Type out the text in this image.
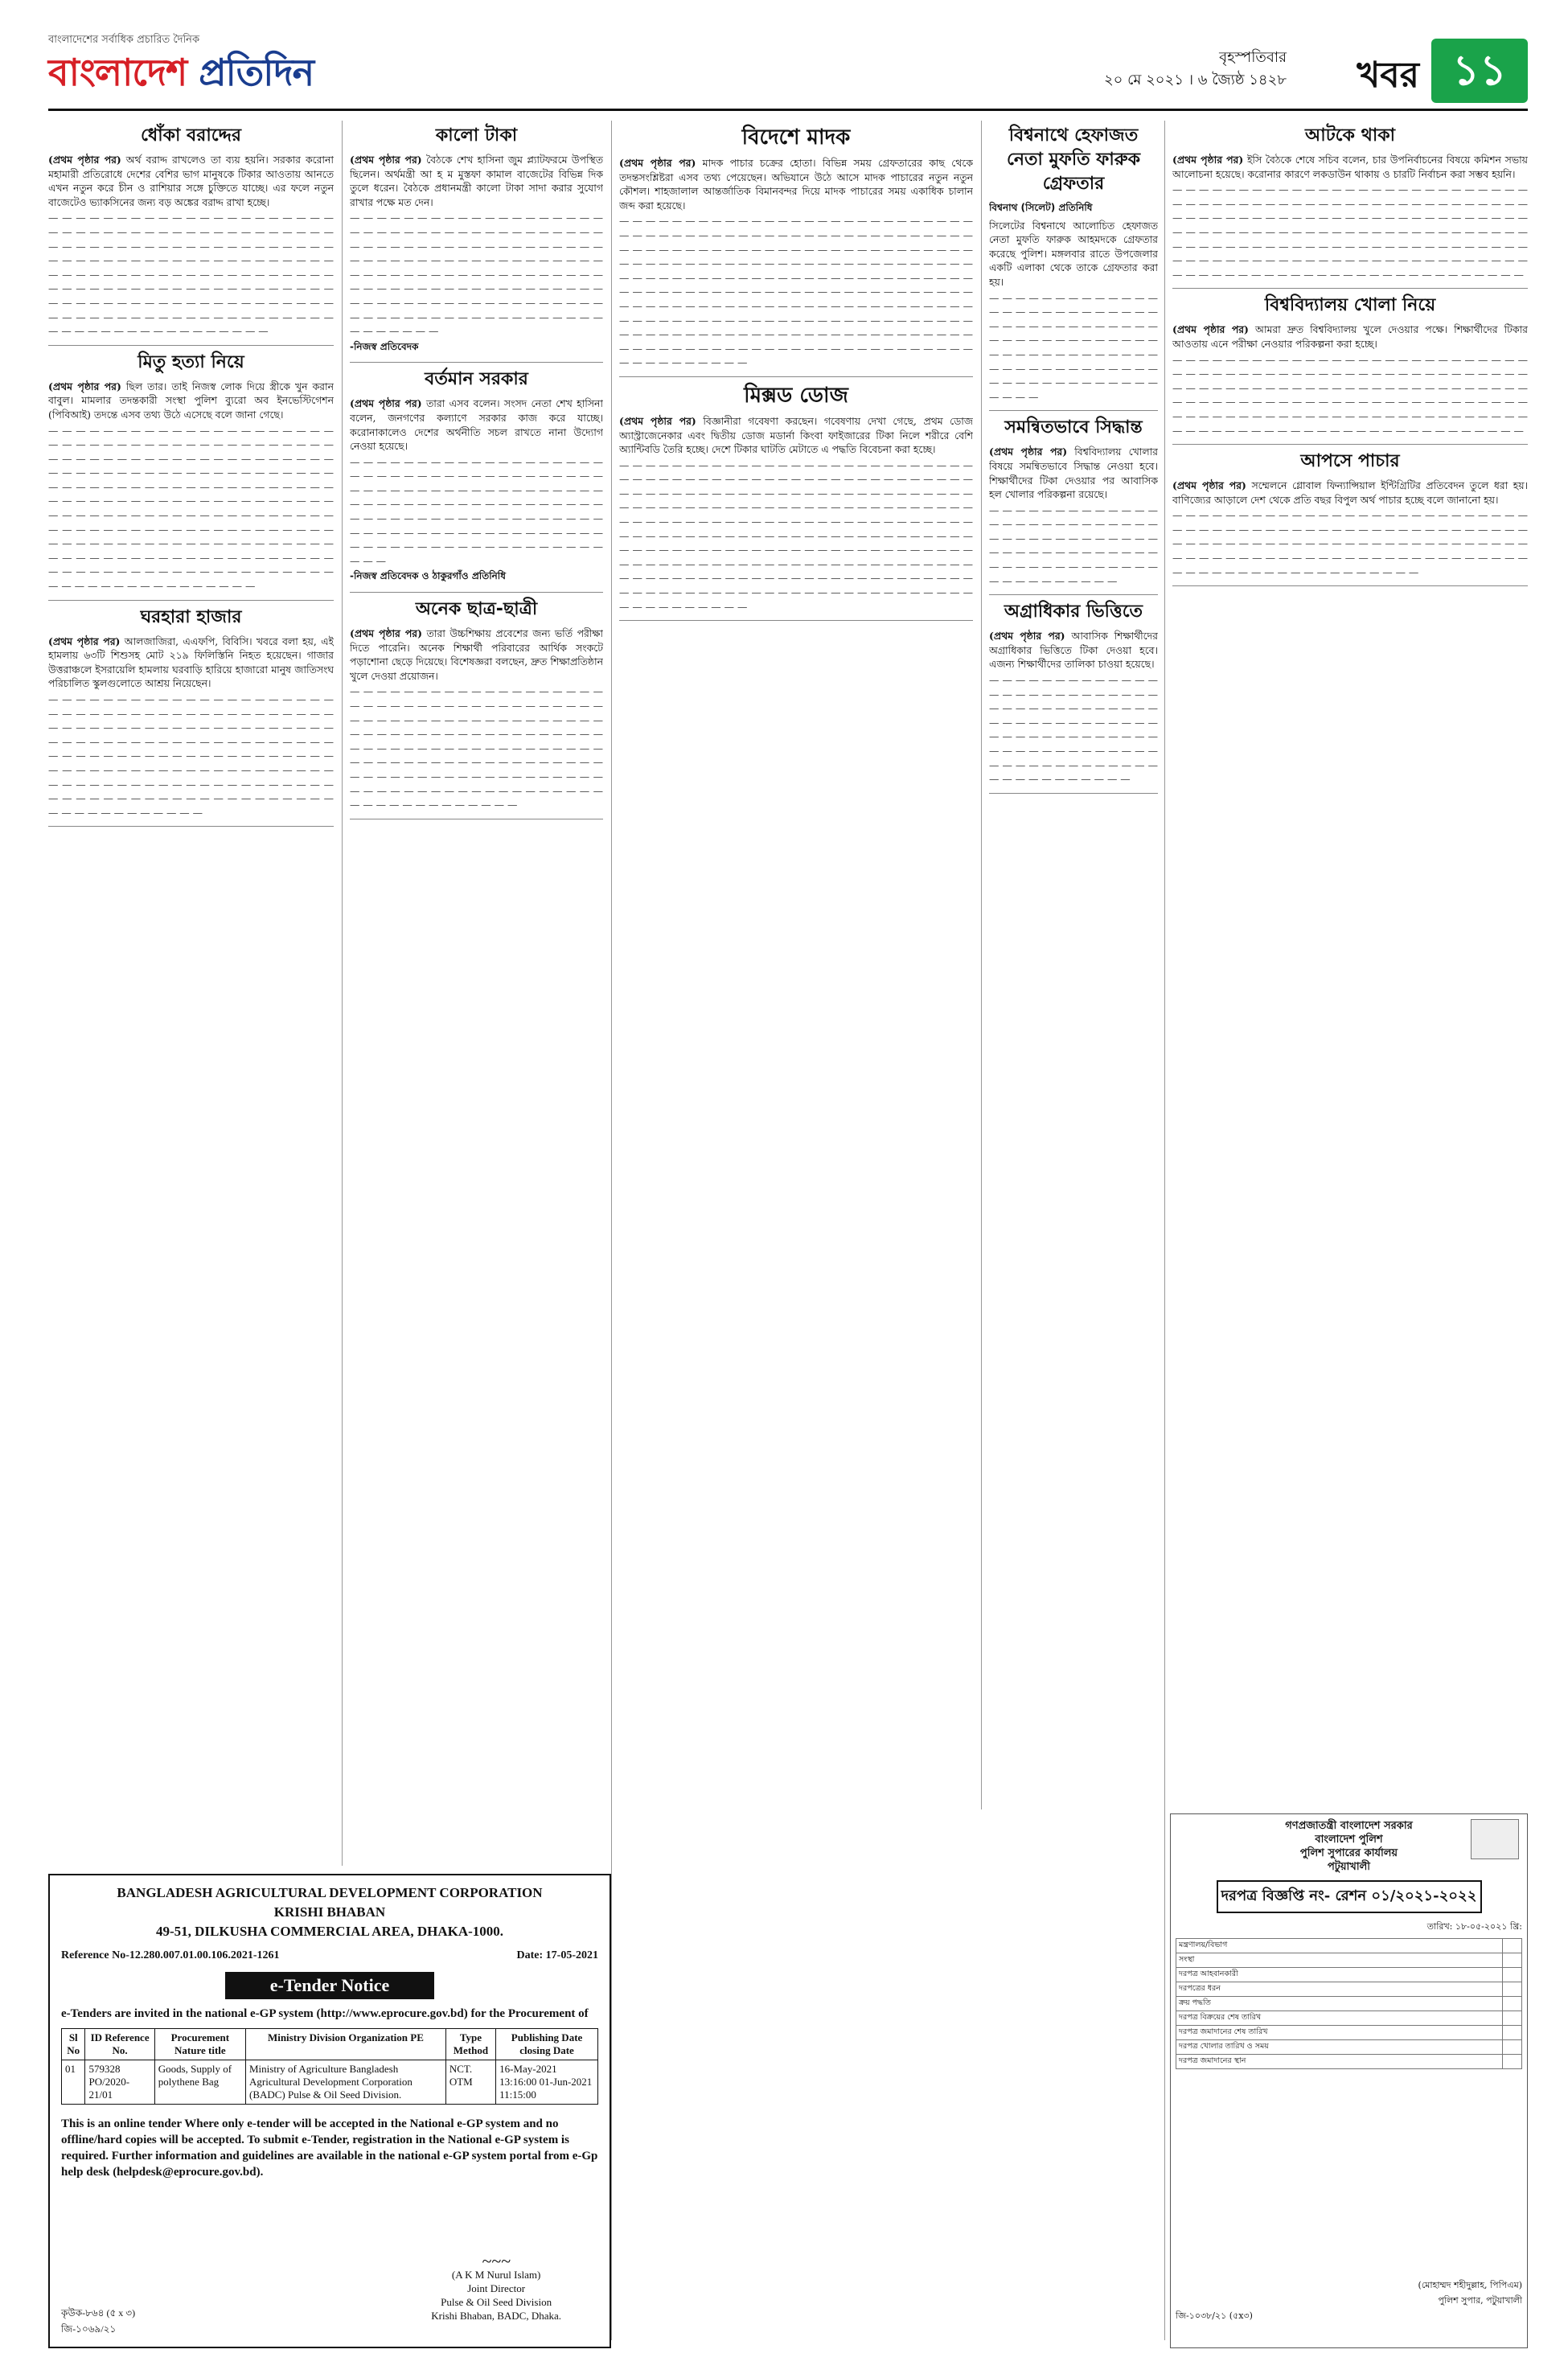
বাংলাদেশের সর্বাধিক প্রচারিত দৈনিক
বাংলাদেশ প্রতিদিন	বৃহস্পতিবার
২০ মে ২০২১ । ৬ জ্যৈষ্ঠ ১৪২৮ খবর ১১
ধোঁকা বরাদ্দের

(প্রথম পৃষ্ঠার পর) অর্থ বরাদ্দ রাখলেও তা ব্যয় হয়নি। সরকার করোনা মহামারী প্রতিরোধে দেশের বেশির ভাগ মানুষকে টিকার আওতায় আনতে এখন নতুন করে চীন ও রাশিয়ার সঙ্গে চুক্তিতে যাচ্ছে। এর ফলে নতুন বাজেটেও ভ্যাকসিনের জন্য বড় অঙ্কের বরাদ্দ রাখা হচ্ছে।

— — — — — — — — — — — — — — — — — — — — — — — — — — — — — — — — — — — — — — — — — — — — — — — — — — — — — — — — — — — — — — — — — — — — — — — — — — — — — — — — — — — — — — — — — — — — — — — — — — — — — — — — — — — — — — — — — — — — — — — — — — — — — — — — — — — — — — — — — — — — — — — — — — — — — — — — — — — — — — — — — — — — — — — — — — — — — — — — — — — — — — — — —

মিতু হত্যা নিয়ে

(প্রথম পৃষ্ঠার পর) ছিল তার। তাই নিজস্ব লোক দিয়ে স্ত্রীকে খুন করান বাবুল। মামলার তদন্তকারী সংস্থা পুলিশ ব্যুরো অব ইনভেস্টিগেশন (পিবিআই) তদন্তে এসব তথ্য উঠে এসেছে বলে জানা গেছে।

— — — — — — — — — — — — — — — — — — — — — — — — — — — — — — — — — — — — — — — — — — — — — — — — — — — — — — — — — — — — — — — — — — — — — — — — — — — — — — — — — — — — — — — — — — — — — — — — — — — — — — — — — — — — — — — — — — — — — — — — — — — — — — — — — — — — — — — — — — — — — — — — — — — — — — — — — — — — — — — — — — — — — — — — — — — — — — — — — — — — — — — — — — — — — — — — — — — — — — — — — — — — — — — — — — — — — — — — — — — — — — — — — — — — — — — — — — — — — — — — — — — — — — —

ঘরহারা হাজার

(প্রথম পৃষ্ঠার পর) আলজাজিরা, এএফপি, বিবিসি। খবরে বলা হয়, এই হামলায় ৬৩টি শিশুসহ মোট ২১৯ ফিলিস্তিনি নিহত হয়েছেন। গাজার উত্তরাঞ্চলে ইসরায়েলি হামলায় ঘরবাড়ি হারিয়ে হাজারো মানুষ জাতিসংঘ পরিচালিত স্কুলগুলোতে আশ্রয় নিয়েছেন।

— — — — — — — — — — — — — — — — — — — — — — — — — — — — — — — — — — — — — — — — — — — — — — — — — — — — — — — — — — — — — — — — — — — — — — — — — — — — — — — — — — — — — — — — — — — — — — — — — — — — — — — — — — — — — — — — — — — — — — — — — — — — — — — — — — — — — — — — — — — — — — — — — — — — — — — — — — — — — — — — — — — — — — — — — — — — — — — — — — — —

কালো টাকা

(প্রথম পৃষ্ঠার পর) বৈঠকে শেখ হাসিনা জুম প্ল্যাটফরমে উপস্থিত ছিলেন। অর্থমন্ত্রী আ হ ম মুস্তফা কামাল বাজেটের বিভিন্ন দিক তুলে ধরেন। বৈঠকে প্রধানমন্ত্রী কালো টাকা সাদা করার সুযোগ রাখার পক্ষে মত দেন।

— — — — — — — — — — — — — — — — — — — — — — — — — — — — — — — — — — — — — — — — — — — — — — — — — — — — — — — — — — — — — — — — — — — — — — — — — — — — — — — — — — — — — — — — — — — — — — — — — — — — — — — — — — — — — — — — — — — — — — — — — — — — — — — — — — — — — — — — — — — — — — — — — — — — — — — — — — — — — — —

-নিজস্ব প্রতিবেদক
বর্তমান সরকার

(প্রথম পৃষ্ঠার পর) তারা এসব বলেন। সংসদ নেতা শেখ হাসিনা বলেন, জনগণের কল্যাণে সরকার কাজ করে যাচ্ছে। করোনাকালেও দেশের অর্থনীতি সচল রাখতে নানা উদ্যোগ নেওয়া হয়েছে।

— — — — — — — — — — — — — — — — — — — — — — — — — — — — — — — — — — — — — — — — — — — — — — — — — — — — — — — — — — — — — — — — — — — — — — — — — — — — — — — — — — — — — — — — — — — — — — — — — — — — — — — — — — — — — — — — — — — — — — — — — — — — — — — — — — — — — — — —

-নিজস্ব প্রতিবেদক ও ঠাকুরগাঁও প্রতিনিধি
অনেক ছাত্র-ছাত্রী

(প্রথম পৃষ্ঠার পর) তারা উচ্চশিক্ষায় প্রবেশের জন্য ভর্তি পরীক্ষা দিতে পারেনি। অনেক শিক্ষার্থী পরিবারের আর্থিক সংকটে পড়াশোনা ছেড়ে দিয়েছে। বিশেষজ্ঞরা বলছেন, দ্রুত শিক্ষাপ্রতিষ্ঠান খুলে দেওয়া প্রয়োজন।

— — — — — — — — — — — — — — — — — — — — — — — — — — — — — — — — — — — — — — — — — — — — — — — — — — — — — — — — — — — — — — — — — — — — — — — — — — — — — — — — — — — — — — — — — — — — — — — — — — — — — — — — — — — — — — — — — — — — — — — — — — — — — — — — — — — — — — — — — — — — — — — — — — — — — — — — — — — — — — — — — — — — —

বিদেশে মাদক

(প্রথম পৃষ্ঠার পর) মাদক পাচার চক্রের হোতা। বিভিন্ন সময় গ্রেফতারের কাছ থেকে তদন্তসংশ্লিষ্টরা এসব তথ্য পেয়েছেন। অভিযানে উঠে আসে মাদক পাচারের নতুন নতুন কৌশল। শাহজালাল আন্তর্জাতিক বিমানবন্দর দিয়ে মাদক পাচারের সময় একাধিক চালান জব্দ করা হয়েছে।

— — — — — — — — — — — — — — — — — — — — — — — — — — — — — — — — — — — — — — — — — — — — — — — — — — — — — — — — — — — — — — — — — — — — — — — — — — — — — — — — — — — — — — — — — — — — — — — — — — — — — — — — — — — — — — — — — — — — — — — — — — — — — — — — — — — — — — — — — — — — — — — — — — — — — — — — — — — — — — — — — — — — — — — — — — — — — — — — — — — — — — — — — — — — — — — — — — — — — — — — — — — — — — — — — — — — — — — — — — — — — — — — — — — — — — — — — — — — — — — — — — — — — — — — — — — — — — — — — — — — — — — — — — — — — — — — — — — — — — — —

মিক্সড ডোজ

(প্রথম পৃষ্ঠার পর) বিজ্ঞানীরা গবেষণা করছেন। গবেষণায় দেখা গেছে, প্রথম ডোজ অ্যাস্ট্রাজেনেকার এবং দ্বিতীয় ডোজ মডার্না কিংবা ফাইজারের টিকা নিলে শরীরে বেশি অ্যান্টিবডি তৈরি হচ্ছে। দেশে টিকার ঘাটতি মেটাতে এ পদ্ধতি বিবেচনা করা হচ্ছে।

— — — — — — — — — — — — — — — — — — — — — — — — — — — — — — — — — — — — — — — — — — — — — — — — — — — — — — — — — — — — — — — — — — — — — — — — — — — — — — — — — — — — — — — — — — — — — — — — — — — — — — — — — — — — — — — — — — — — — — — — — — — — — — — — — — — — — — — — — — — — — — — — — — — — — — — — — — — — — — — — — — — — — — — — — — — — — — — — — — — — — — — — — — — — — — — — — — — — — — — — — — — — — — — — — — — — — — — — — — — — — — — — — — — — — — — — — — — — — — — — — — — — — — — — — — — — — — — — — — — — — — — — — — — — — — — — — — — — — — — —

বিশ্বনাথে হেফাজত নেতা মুফতি ফারুক গ্রেফতার
বিশ্বনাথ (সিলেট) প্রতিনিধি

সিলেটের বিশ্বনাথে আলোচিত হেফাজত নেতা মুফতি ফারুক আহমদকে গ্রেফতার করেছে পুলিশ। মঙ্গলবার রাতে উপজেলার একটি এলাকা থেকে তাকে গ্রেফতার করা হয়।

— — — — — — — — — — — — — — — — — — — — — — — — — — — — — — — — — — — — — — — — — — — — — — — — — — — — — — — — — — — — — — — — — — — — — — — — — — — — — — — — — — — — — — — — — — — — — — —

সমন্বিতভাবে সিদ্ধান্ত

(প্রথম পৃষ্ঠার পর) বিশ্ববিদ্যালয় খোলার বিষয়ে সমন্বিতভাবে সিদ্ধান্ত নেওয়া হবে। শিক্ষার্থীদের টিকা দেওয়ার পর আবাসিক হল খোলার পরিকল্পনা রয়েছে।

— — — — — — — — — — — — — — — — — — — — — — — — — — — — — — — — — — — — — — — — — — — — — — — — — — — — — — — — — — — — — — — — — — — — — — — — — — —

অগ্রাধিকার ভিত্তিতে

(প্রথম পৃষ্ঠার পর) আবাসিক শিক্ষার্থীদের অগ্রাধিকার ভিত্তিতে টিকা দেওয়া হবে। এজন্য শিক্ষার্থীদের তালিকা চাওয়া হয়েছে।

— — — — — — — — — — — — — — — — — — — — — — — — — — — — — — — — — — — — — — — — — — — — — — — — — — — — — — — — — — — — — — — — — — — — — — — — — — — — — — — — — — — — — — — — — — — — — — — — — — — — — —

আটকে থাকা

(প্রথম পৃষ্ঠার পর) ইসি বৈঠকে শেষে সচিব বলেন, চার উপনির্বাচনের বিষয়ে কমিশন সভায় আলোচনা হয়েছে। করোনার কারণে লকডাউন থাকায় ও চারটি নির্বাচন করা সম্ভব হয়নি।

— — — — — — — — — — — — — — — — — — — — — — — — — — — — — — — — — — — — — — — — — — — — — — — — — — — — — — — — — — — — — — — — — — — — — — — — — — — — — — — — — — — — — — — — — — — — — — — — — — — — — — — — — — — — — — — — — — — — — — — — — — — — — — — — — — — — — — — — — — — — — — — — — — — — — — — — — — — — — — — — — — — — — — — — — — — — — — — — — — — — — — — — — — — — —

বিশ্ববিদ্যালয় খোলা নিয়ে

(প্রথম পৃষ্ঠার পর) আমরা দ্রুত বিশ্ববিদ্যালয় খুলে দেওয়ার পক্ষে। শিক্ষার্থীদের টিকার আওতায় এনে পরীক্ষা নেওয়ার পরিকল্পনা করা হচ্ছে।

— — — — — — — — — — — — — — — — — — — — — — — — — — — — — — — — — — — — — — — — — — — — — — — — — — — — — — — — — — — — — — — — — — — — — — — — — — — — — — — — — — — — — — — — — — — — — — — — — — — — — — — — — — — — — — — — — — — — — — — — — — — — — — — — — — — — — — — — — — — — — — — — — — — — — — — — — — — — — — — — — —

আপসে পাচার

(প্রথম পৃষ্ঠার পর) সম্মেলনে গ্লোবাল ফিন্যান্সিয়াল ইন্টিগ্রিটির প্রতিবেদন তুলে ধরা হয়। বাণিজ্যের আড়ালে দেশ থেকে প্রতি বছর বিপুল অর্থ পাচার হচ্ছে বলে জানানো হয়।

— — — — — — — — — — — — — — — — — — — — — — — — — — — — — — — — — — — — — — — — — — — — — — — — — — — — — — — — — — — — — — — — — — — — — — — — — — — — — — — — — — — — — — — — — — — — — — — — — — — — — — — — — — — — — — — — — — — — — — — — — — — — — — —

BANGLADESH AGRICULTURAL DEVELOPMENT CORPORATION
KRISHI BHABAN
49-51, DILKUSHA COMMERCIAL AREA, DHAKA-1000.
Reference No-12.280.007.01.00.106.2021-1261	Date: 17-05-2021
e-Tender Notice
e-Tenders are invited in the national e-GP system (http://www.eprocure.gov.bd) for the Procurement of
Sl No	ID Reference No.	Procurement Nature title	Ministry Division Organization PE	Type Method	Publishing Date closing Date
01	579328 PO/2020-21/01	Goods, Supply of polythene Bag	Ministry of Agriculture Bangladesh Agricultural Development Corporation (BADC) Pulse & Oil Seed Division.	NCT. OTM	16-May-2021 13:16:00 01-Jun-2021 11:15:00
This is an online tender Where only e-tender will be accepted in the National e-GP system and no offline/hard copies will be accepted. To submit e-Tender, registration in the National e-GP system is required. Further information and guidelines are available in the national e-GP system portal from e-Gp help desk (helpdesk@eprocure.gov.bd).
~~~
(A K M Nurul Islam)
Joint Director
Pulse & Oil Seed Division
Krishi Bhaban, BADC, Dhaka.
কৃউক-৮৬৪ (৫ x ৩)
জি-১০৬৯/২১
গণপ্রজাতন্ত্রী বাংলাদেশ সরকার
বাংলাদেশ পুলিশ
পুলিশ সুপারের কার্যালয়
পটুয়াখালী
দরপত্র বিজ্ঞপ্তি নং- রেশন ০১/২০২১-২০২২
তারিখ: ১৮-০৫-২০২১ খ্রি:
মন্ত্রণালয়/বিভাগ	
সংস্থা	
দরপত্র আহবানকারী	
দরপত্রের ধরন	
ক্রয় পদ্ধতি	
দরপত্র বিক্রয়ের শেষ তারিখ	
দরপত্র জমাদানের শেষ তারিখ	
দরপত্র খোলার তারিখ ও সময়	
দরপত্র জমাদানের স্থান	
(মোহাম্মদ শহীদুল্লাহ, পিপিএম)
পুলিশ সুপার, পটুয়াখালী
জি-১০৩৮/২১ (৫x৩)
